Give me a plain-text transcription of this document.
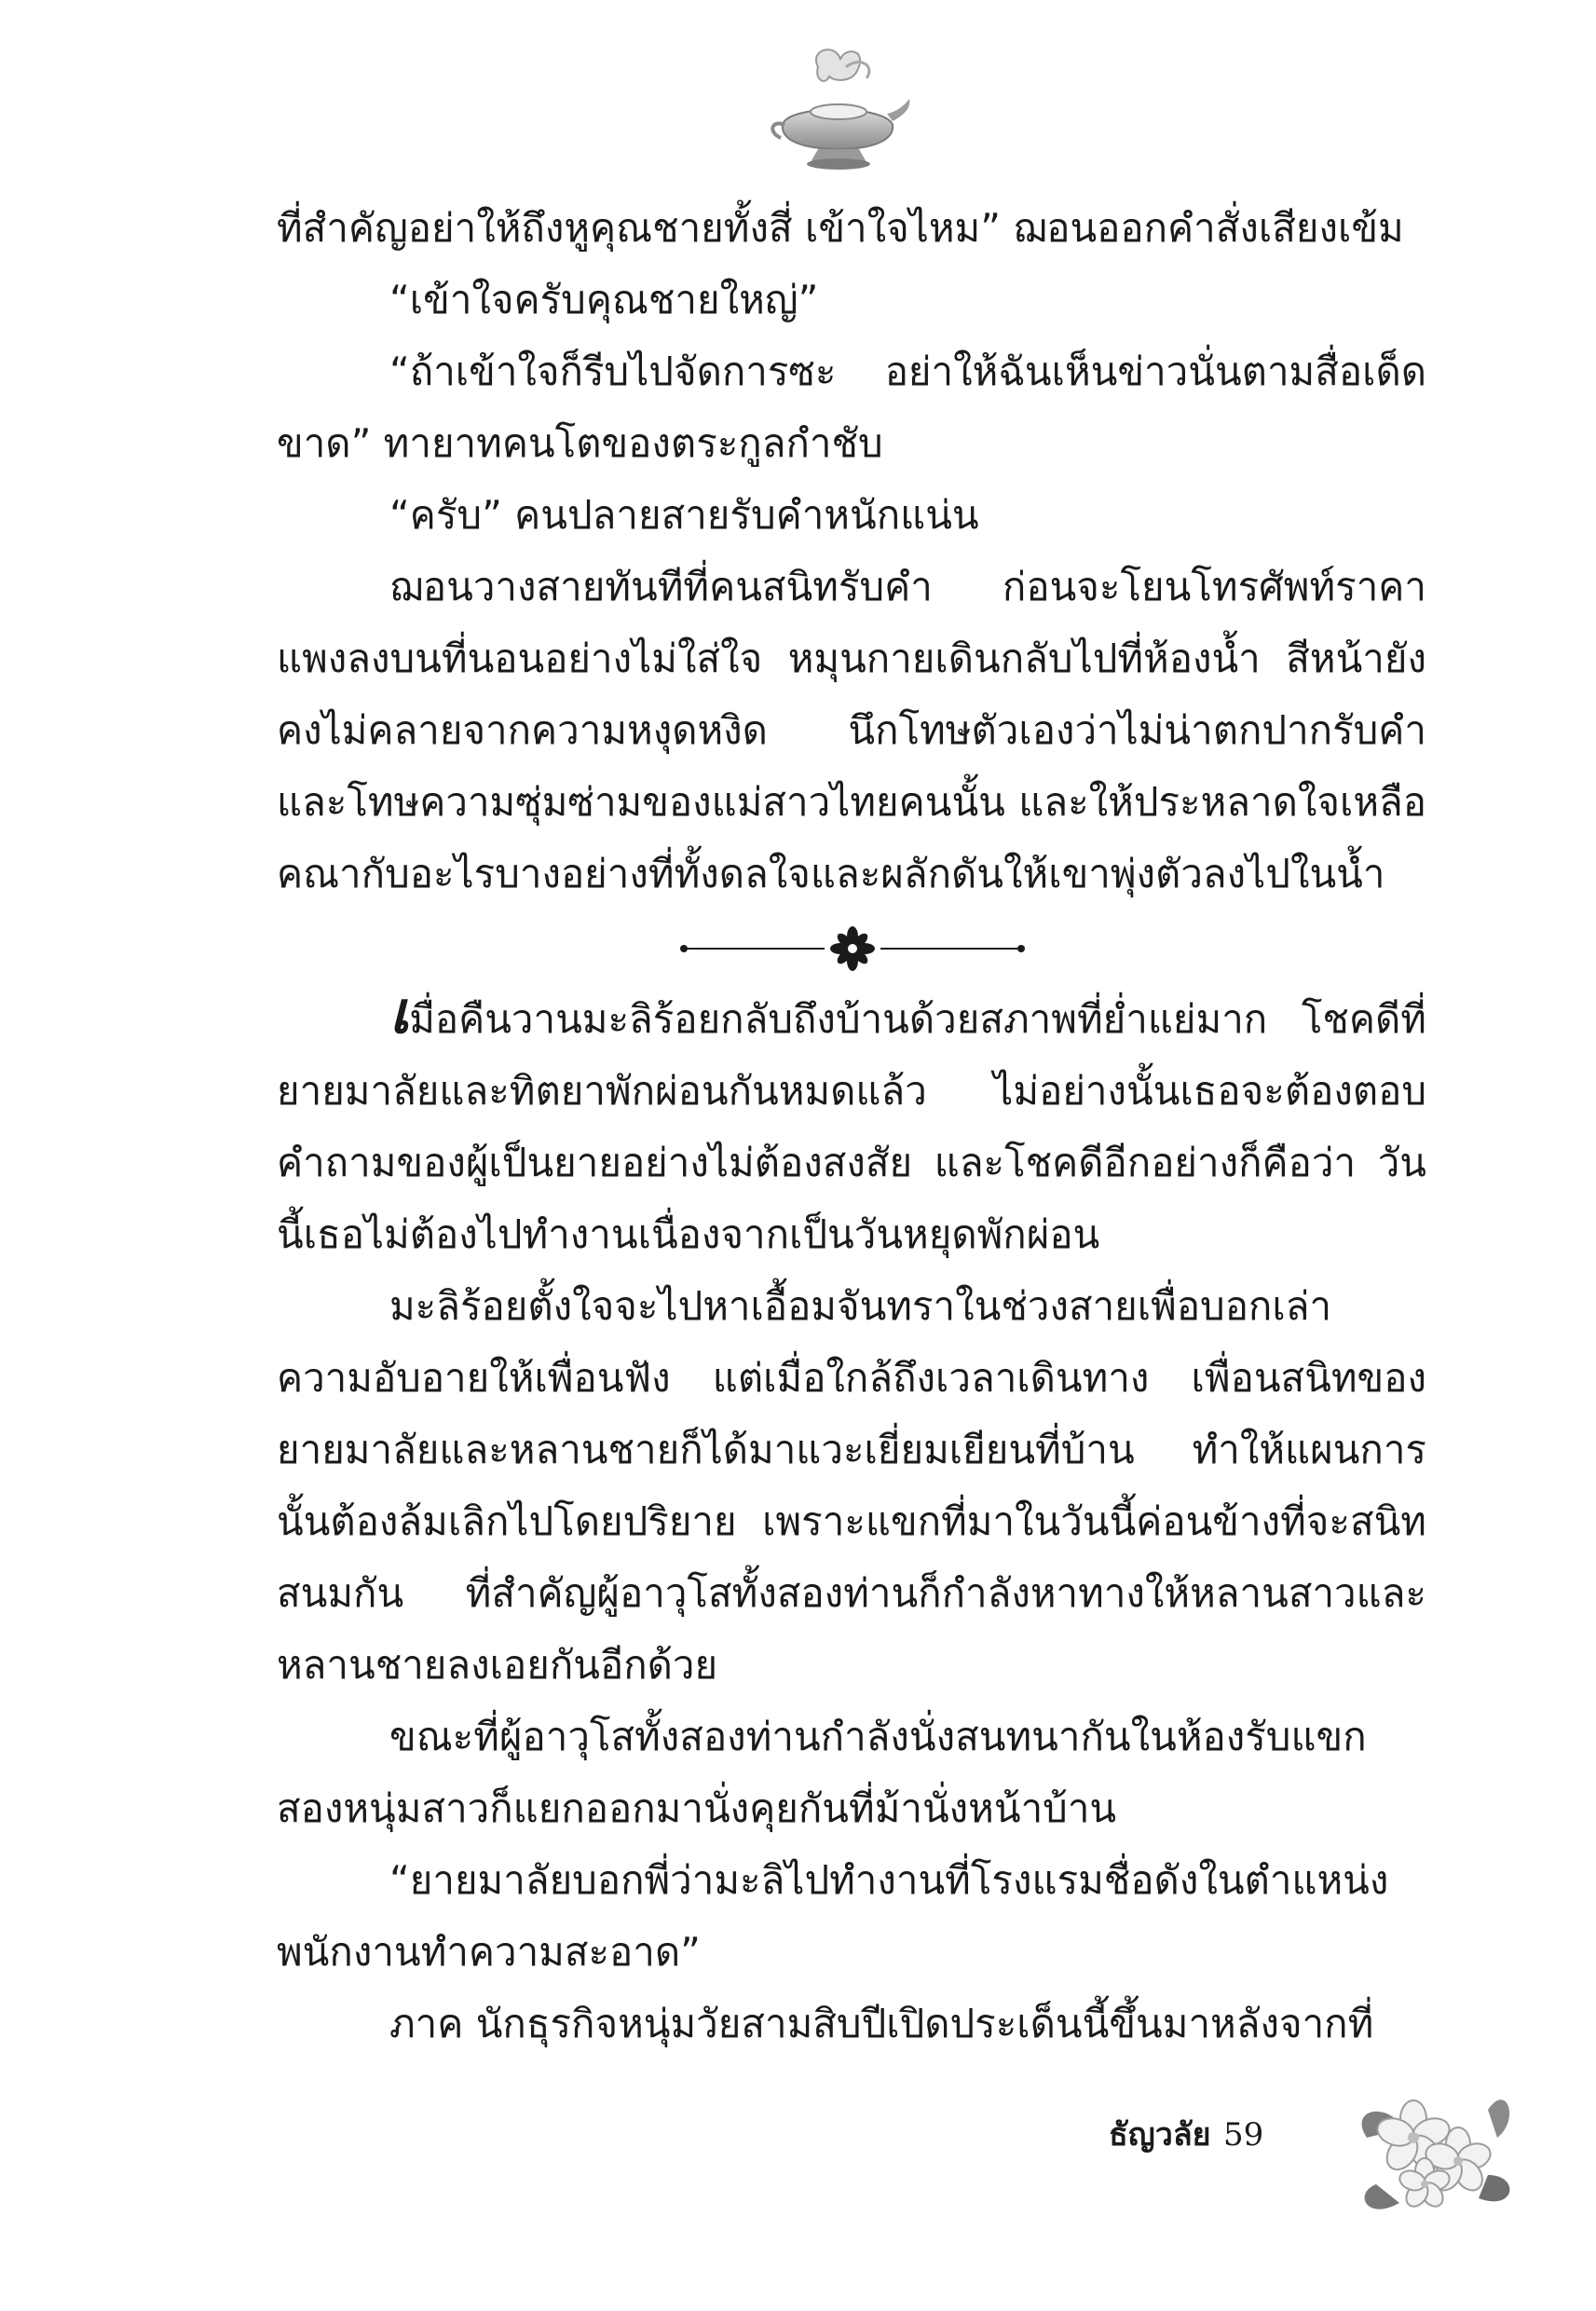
ที่สำคัญอย่าให้ถึงหูคุณชายทั้งสี่ เข้าใจไหม” ฌอนออกคำสั่งเสียงเข้ม

“เข้าใจครับคุณชายใหญ่”

“ถ้าเข้าใจก็รีบไปจัดการซะ อย่าให้ฉันเห็นข่าวนั่นตามสื่อเด็ดขาด” ทายาทคนโตของตระกูลกำชับ

“ครับ” คนปลายสายรับคำหนักแน่น

ฌอนวางสายทันทีที่คนสนิทรับคำ ก่อนจะโยนโทรศัพท์ราคาแพงลงบนที่นอนอย่างไม่ใส่ใจ หมุนกายเดินกลับไปที่ห้องน้ำ สีหน้ายังคงไม่คลายจากความหงุดหงิด นึกโทษตัวเองว่าไม่น่าตกปากรับคำ และโทษความซุ่มซ่ามของแม่สาวไทยคนนั้น และให้ประหลาดใจเหลือคณากับอะไรบางอย่างที่ทั้งดลใจและผลักดันให้เขาพุ่งตัวลงไปในน้ำ

เมื่อคืนวานมะลิร้อยกลับถึงบ้านด้วยสภาพที่ย่ำแย่มาก โชคดีที่ยายมาลัยและทิตยาพักผ่อนกันหมดแล้ว ไม่อย่างนั้นเธอจะต้องตอบคำถามของผู้เป็นยายอย่างไม่ต้องสงสัย และโชคดีอีกอย่างก็คือว่า วันนี้เธอไม่ต้องไปทำงานเนื่องจากเป็นวันหยุดพักผ่อน

มะลิร้อยตั้งใจจะไปหาเอื้อมจันทราในช่วงสายเพื่อบอกเล่าความอับอายให้เพื่อนฟัง แต่เมื่อใกล้ถึงเวลาเดินทาง เพื่อนสนิทของยายมาลัยและหลานชายก็ได้มาแวะเยี่ยมเยียนที่บ้าน ทำให้แผนการนั้นต้องล้มเลิกไปโดยปริยาย เพราะแขกที่มาในวันนี้ค่อนข้างที่จะสนิทสนมกัน ที่สำคัญผู้อาวุโสทั้งสองท่านก็กำลังหาทางให้หลานสาวและหลานชายลงเอยกันอีกด้วย

ขณะที่ผู้อาวุโสทั้งสองท่านกำลังนั่งสนทนากันในห้องรับแขก สองหนุ่มสาวก็แยกออกมานั่งคุยกันที่ม้านั่งหน้าบ้าน

“ยายมาลัยบอกพี่ว่ามะลิไปทำงานที่โรงแรมชื่อดังในตำแหน่งพนักงานทำความสะอาด”

ภาค นักธุรกิจหนุ่มวัยสามสิบปีเปิดประเด็นนี้ขึ้นมาหลังจากที่

ธัญวลัย 59
